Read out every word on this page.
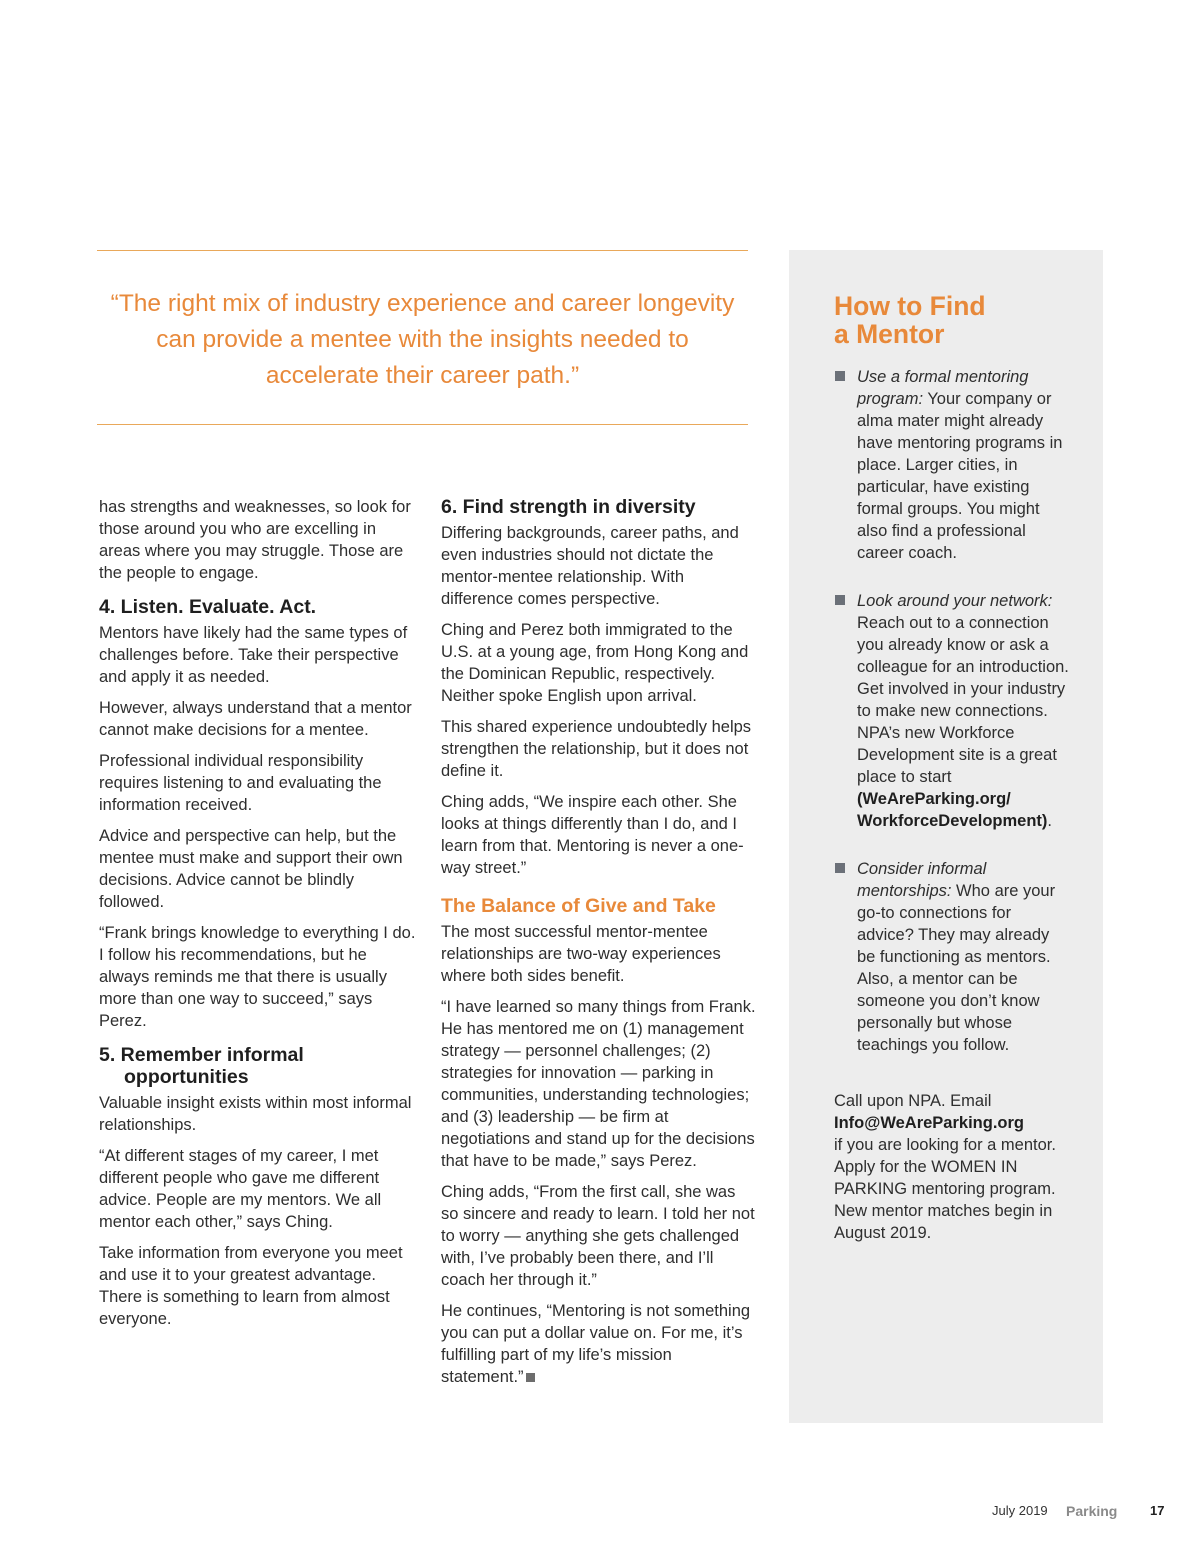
“The right mix of industry experience and career longevity can provide a mentee with the insights needed to accelerate their career path.”

has strengths and weaknesses, so look for those around you who are excelling in areas where you may struggle. Those are the people to engage.

4. Listen. Evaluate. Act.

Mentors have likely had the same types of challenges before. Take their perspective and apply it as needed.

However, always understand that a mentor cannot make decisions for a mentee.

Professional individual responsibility requires listening to and evaluating the information received.

Advice and perspective can help, but the mentee must make and support their own decisions. Advice cannot be blindly followed.

“Frank brings knowledge to everything I do. I follow his recommendations, but he always reminds me that there is usually more than one way to succeed,” says Perez.

5. Remember informal
opportunities

Valuable insight exists within most informal relationships.

“At different stages of my career, I met different people who gave me different advice. People are my mentors. We all mentor each other,” says Ching.

Take information from everyone you meet and use it to your greatest advantage. There is something to learn from almost everyone.

6. Find strength in diversity

Differing backgrounds, career paths, and even industries should not dictate the mentor-mentee relationship. With difference comes perspective.

Ching and Perez both immigrated to the U.S. at a young age, from Hong Kong and the Dominican Republic, respectively. Neither spoke English upon arrival.

This shared experience undoubtedly helps strengthen the relationship, but it does not define it.

Ching adds, “We inspire each other. She looks at things differently than I do, and I learn from that. Mentoring is never a one-way street.”

The Balance of Give and Take

The most successful mentor-mentee relationships are two-way experiences where both sides benefit.

“I have learned so many things from Frank. He has mentored me on (1) management strategy — personnel challenges; (2) strategies for innovation — parking in communities, understanding technologies; and (3) leadership — be firm at negotiations and stand up for the decisions that have to be made,” says Perez.

Ching adds, “From the first call, she was so sincere and ready to learn. I told her not to worry — anything she gets challenged with, I’ve probably been there, and I’ll coach her through it.”

He continues, “Mentoring is not something you can put a dollar value on. For me, it’s fulfilling part of my life’s mission statement.”

How to Find
a Mentor
Use a formal mentoring program: Your company or alma mater might already have mentoring programs in place. Larger cities, in particular, have existing formal groups. You might also find a professional career coach.
Look around your network: Reach out to a connection you already know or ask a colleague for an introduction. Get involved in your industry to make new connections. NPA’s new Workforce Development site is a great place to start (WeAreParking.org/ WorkforceDevelopment).
Consider informal mentorships: Who are your go-to connections for advice? They may already be functioning as mentors. Also, a mentor can be someone you don’t know personally but whose teachings you follow.

Call upon NPA. Email
Info@WeAreParking.org
if you are looking for a mentor. Apply for the WOMEN IN PARKING mentoring program. New mentor matches begin in August 2019.

July 2019 Parking	17
